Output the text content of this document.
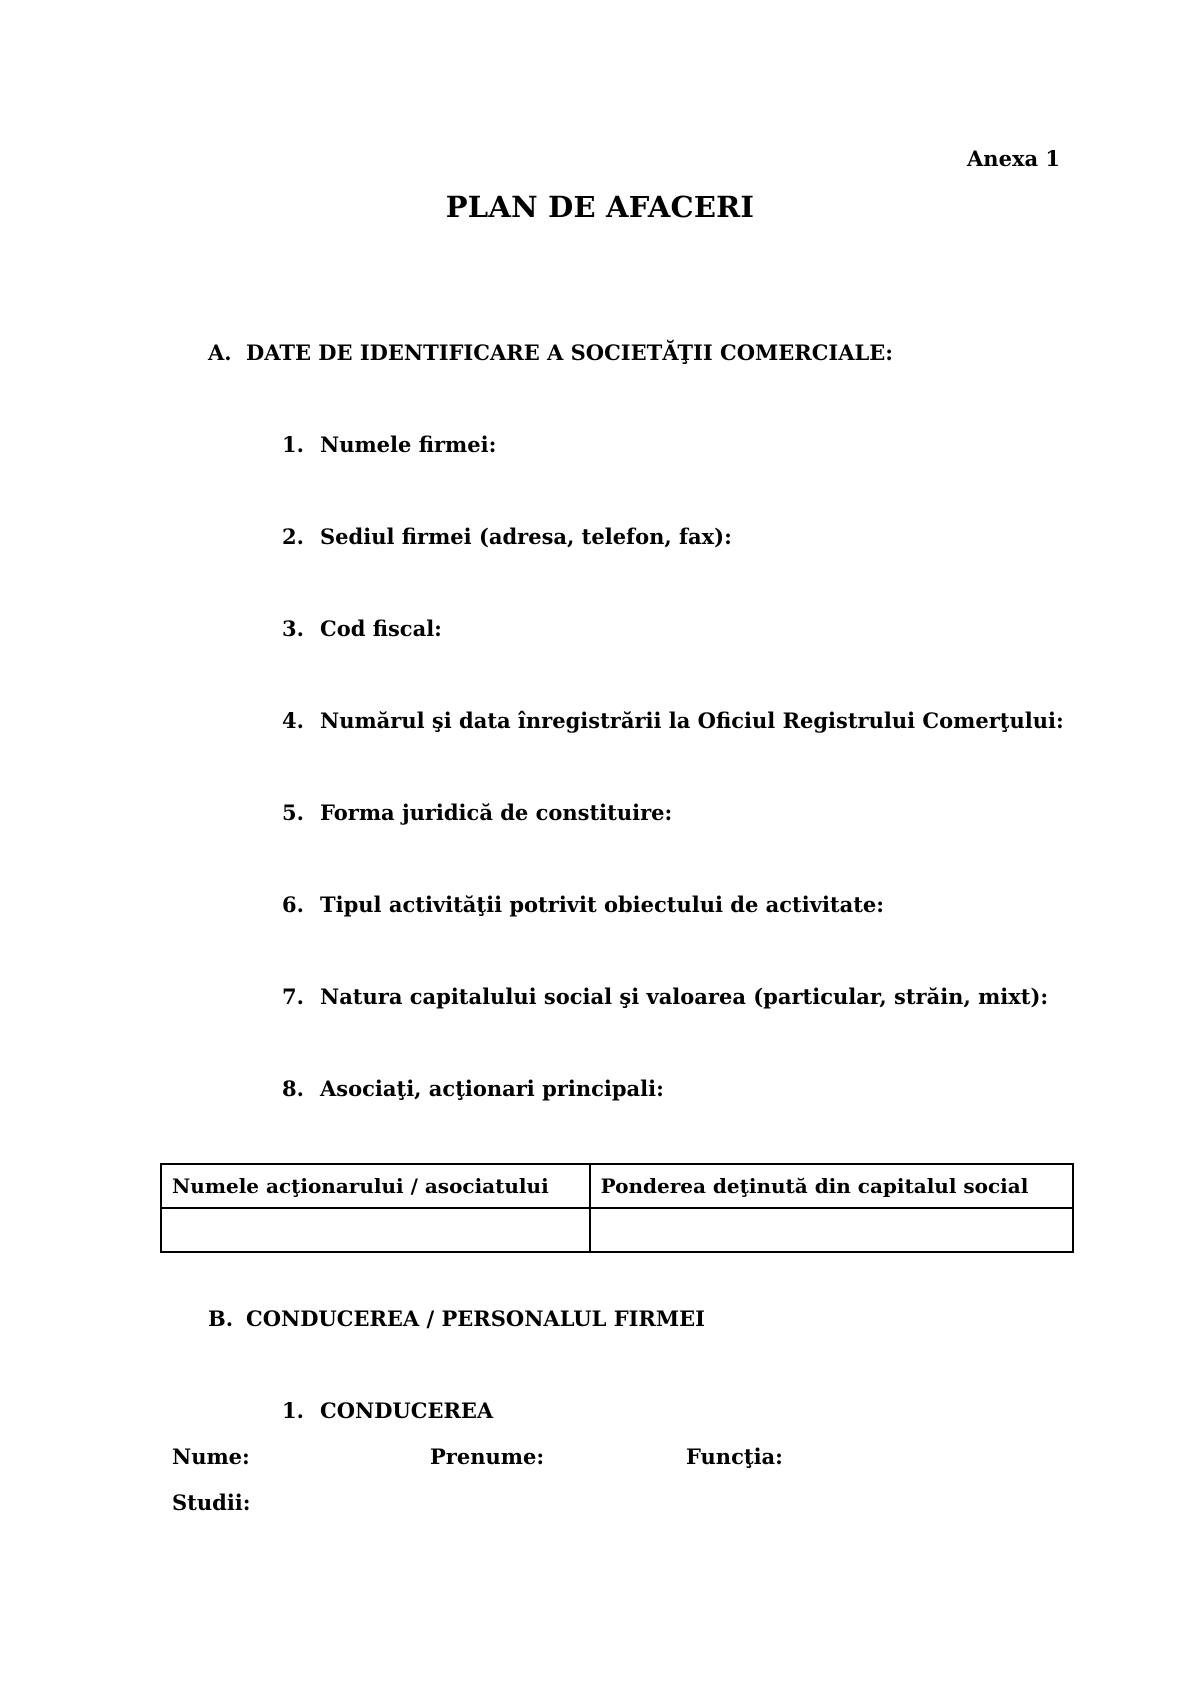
Anexa 1
PLAN DE AFACERI
A. DATE DE IDENTIFICARE A SOCIETĂŢII COMERCIALE:
1. Numele firmei:
2. Sediul firmei (adresa, telefon, fax):
3. Cod fiscal:
4. Numărul şi data înregistrării la Oficiul Registrului Comerţului:
5. Forma juridică de constituire:
6. Tipul activităţii potrivit obiectului de activitate:
7. Natura capitalului social şi valoarea (particular, străin, mixt):
8. Asociaţi, acţionari principali:
Numele acţionarului / asociatului	Ponderea deţinută din capitalul social

B. CONDUCEREA / PERSONALUL FIRMEI
1. CONDUCEREA
Nume:	Prenume:	Funcţia:
Studii:
